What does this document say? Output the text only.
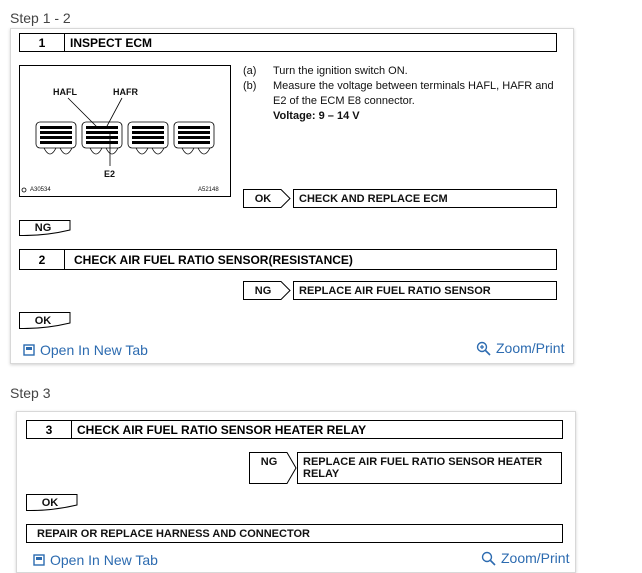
Step 1 - 2
1	INSPECT ECM
HAFL	HAFR
E2
A30534	A52148
(a)	Turn the ignition switch ON.
(b)	Measure the voltage between terminals HAFL, HAFR and
E2 of the ECM E8 connector.
Voltage: 9 – 14 V
OK	CHECK AND REPLACE ECM
NG
2	CHECK AIR FUEL RATIO SENSOR(RESISTANCE)
NG	REPLACE AIR FUEL RATIO SENSOR
OK
Open In New Tab	Zoom/Print
Step 3
3	CHECK AIR FUEL RATIO SENSOR HEATER RELAY
NG	REPLACE AIR FUEL RATIO SENSOR HEATER
RELAY
OK
REPAIR OR REPLACE HARNESS AND CONNECTOR
Open In New Tab	Zoom/Print
